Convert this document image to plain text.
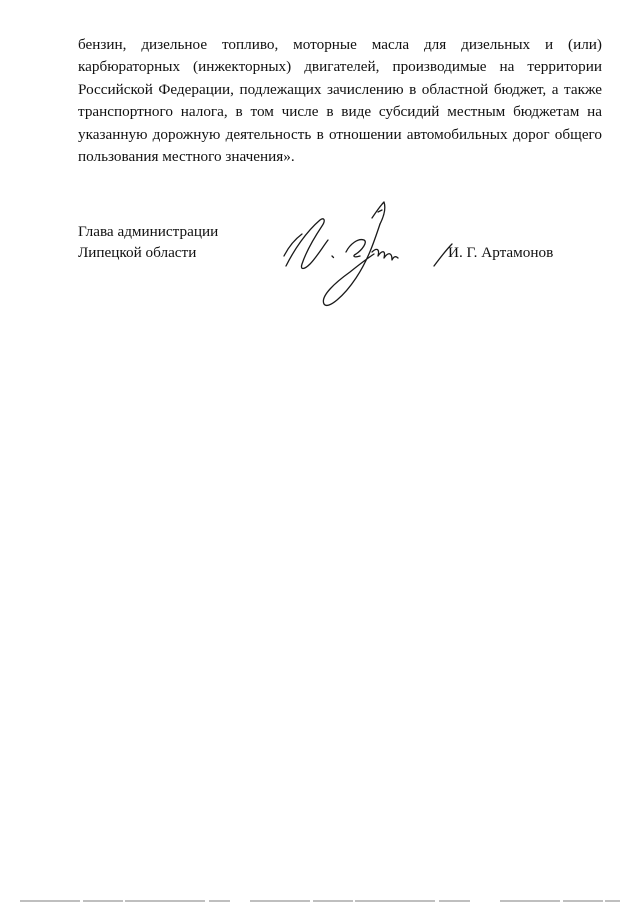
бензин, дизельное топливо, моторные масла для дизельных и (или)
карбюраторных (инжекторных) двигателей, производимые на территории
Российской Федерации, подлежащих зачислению в областной бюджет, а также
транспортного налога, в том числе в виде субсидий местным бюджетам на
указанную дорожную деятельность в отношении автомобильных дорог общего
пользования местного значения».

Глава администрации
Липецкой области	И. Г. Артамонов
